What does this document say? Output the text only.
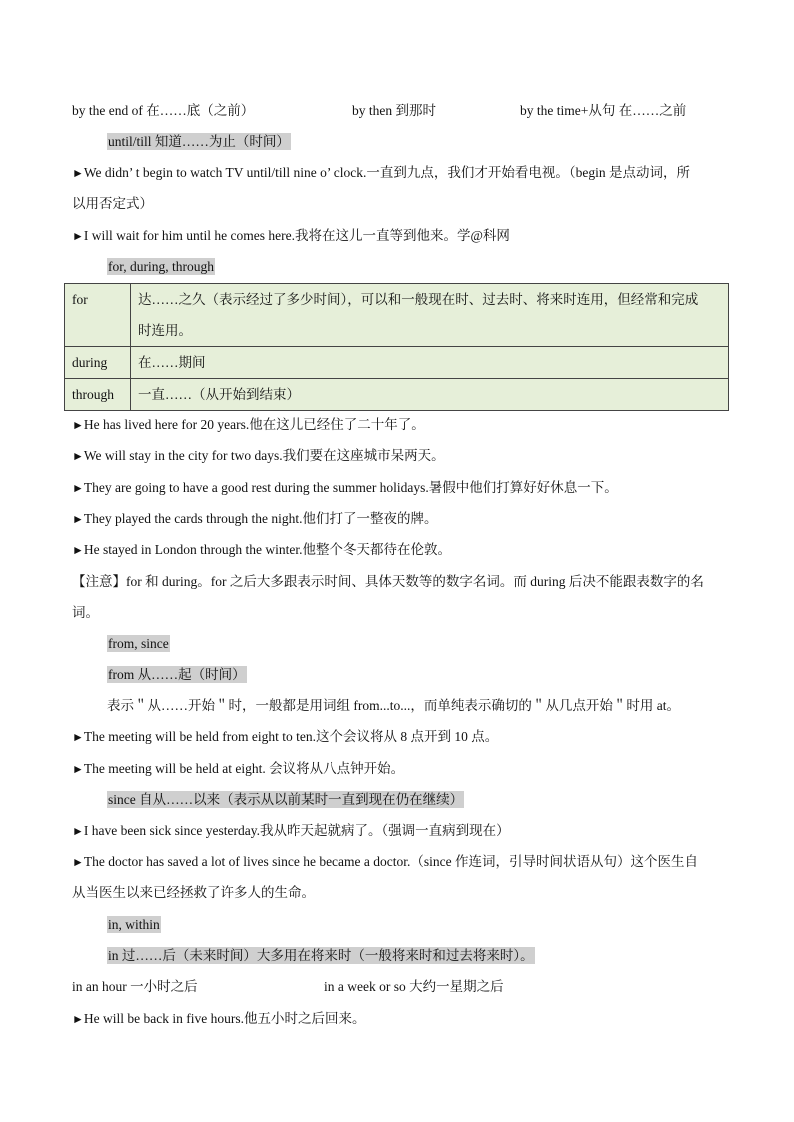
by the end of 在……底（之前）	by then 到那时	by the time+从句 在……之前
until/till 知道……为止（时间）
►We didn’ t begin to watch TV until/till nine o’ clock.一直到九点，我们才开始看电视。（begin 是点动词，所
以用否定式）
►I will wait for him until he comes here.我将在这儿一直等到他来。学@科网
for, during, through
for	达……之久（表示经过了多少时间），可以和一般现在时、过去时、将来时连用，但经常和完成
时连用。
during	在……期间
through	一直……（从开始到结束）
►He has lived here for 20 years.他在这儿已经住了二十年了。
►We will stay in the city for two days.我们要在这座城市呆两天。
►They are going to have a good rest during the summer holidays.暑假中他们打算好好休息一下。
►They played the cards through the night.他们打了一整夜的牌。
►He stayed in London through the winter.他整个冬天都待在伦敦。
【注意】for 和 during。for 之后大多跟表示时间、具体天数等的数字名词。而 during 后决不能跟表数字的名
词。
from, since
from 从……起（时间）
表示＂从……开始＂时，一般都是用词组 from...to...，而单纯表示确切的＂从几点开始＂时用 at。
►The meeting will be held from eight to ten.这个会议将从 8 点开到 10 点。
►The meeting will be held at eight. 会议将从八点钟开始。
since 自从……以来（表示从以前某时一直到现在仍在继续）
►I have been sick since yesterday.我从昨天起就病了。（强调一直病到现在）
►The doctor has saved a lot of lives since he became a doctor.（since 作连词，引导时间状语从句）这个医生自
从当医生以来已经拯救了许多人的生命。
in, within
in 过……后（未来时间）大多用在将来时（一般将来时和过去将来时）。
in an hour 一小时之后	in a week or so 大约一星期之后
►He will be back in five hours.他五小时之后回来。
